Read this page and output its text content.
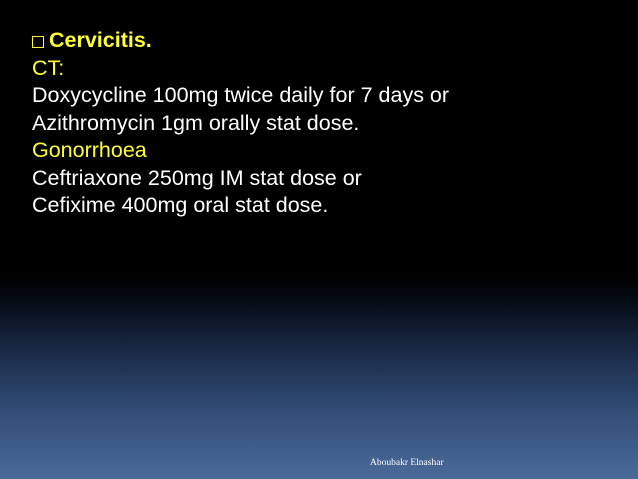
Cervicitis.
CT:
Doxycycline 100mg twice daily for 7 days or
Azithromycin 1gm orally stat dose.
Gonorrhoea
Ceftriaxone 250mg IM stat dose or
Cefixime 400mg oral stat dose.
Aboubakr Elnashar
